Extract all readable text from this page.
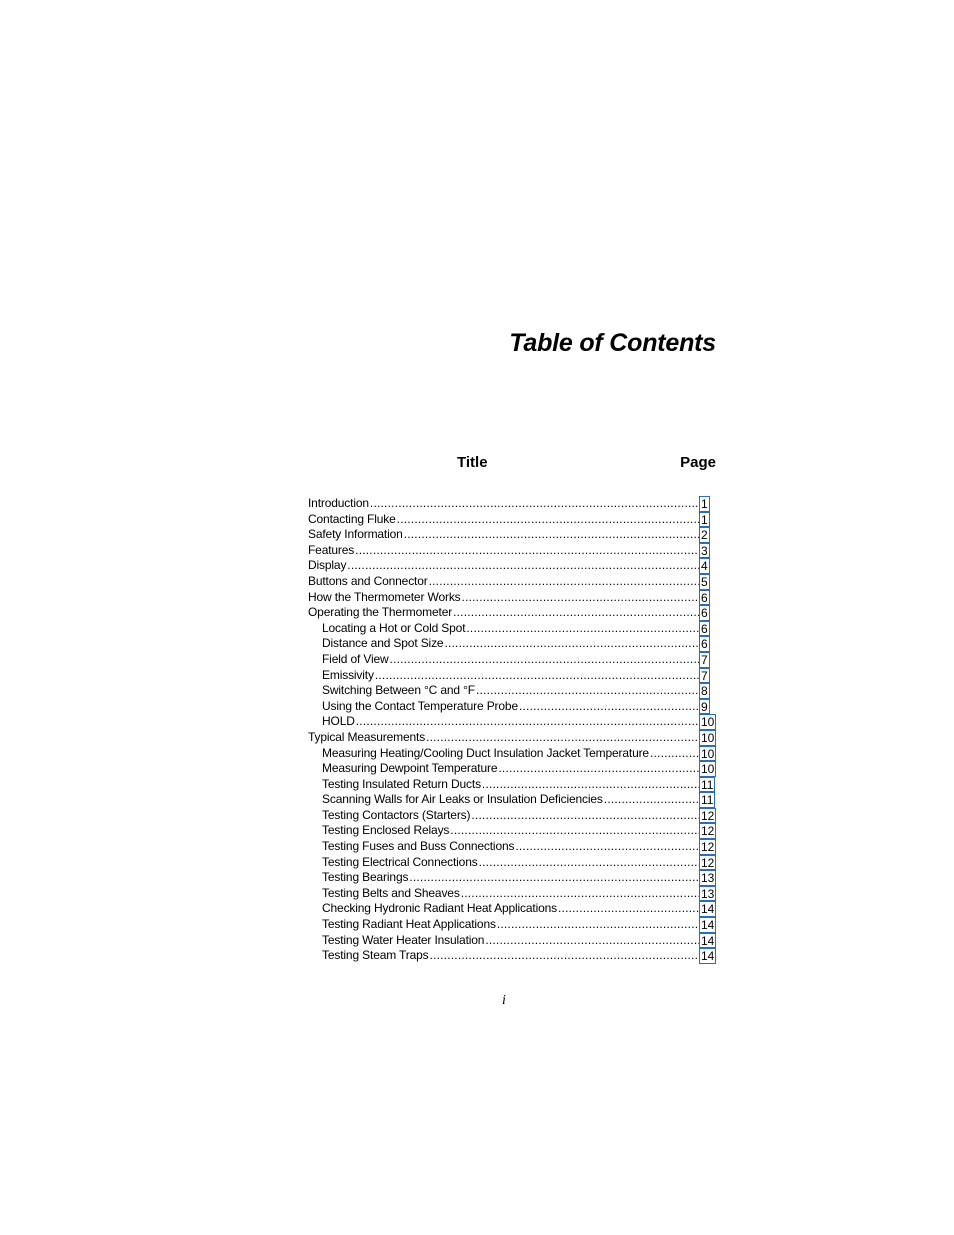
Table of Contents
Title	Page
Introduction .....	1
Contacting Fluke .....	1
Safety Information .....	2
Features .....	3
Display .....	4
Buttons and Connector .....	5
How the Thermometer Works .....	6
Operating the Thermometer .....	6
Locating a Hot or Cold Spot .....	6
Distance and Spot Size .....	6
Field of View .....	7
Emissivity .....	7
Switching Between °C and °F .....	8
Using the Contact Temperature Probe .....	9
HOLD .....	10
Typical Measurements .....	10
Measuring Heating/Cooling Duct Insulation Jacket Temperature .....	10
Measuring Dewpoint Temperature .....	10
Testing Insulated Return Ducts .....	11
Scanning Walls for Air Leaks or Insulation Deficiencies .....	11
Testing Contactors (Starters) .....	12
Testing Enclosed Relays .....	12
Testing Fuses and Buss Connections .....	12
Testing Electrical Connections .....	12
Testing Bearings .....	13
Testing Belts and Sheaves .....	13
Checking Hydronic Radiant Heat Applications .....	14
Testing Radiant Heat Applications .....	14
Testing Water Heater Insulation .....	14
Testing Steam Traps .....	14
i
